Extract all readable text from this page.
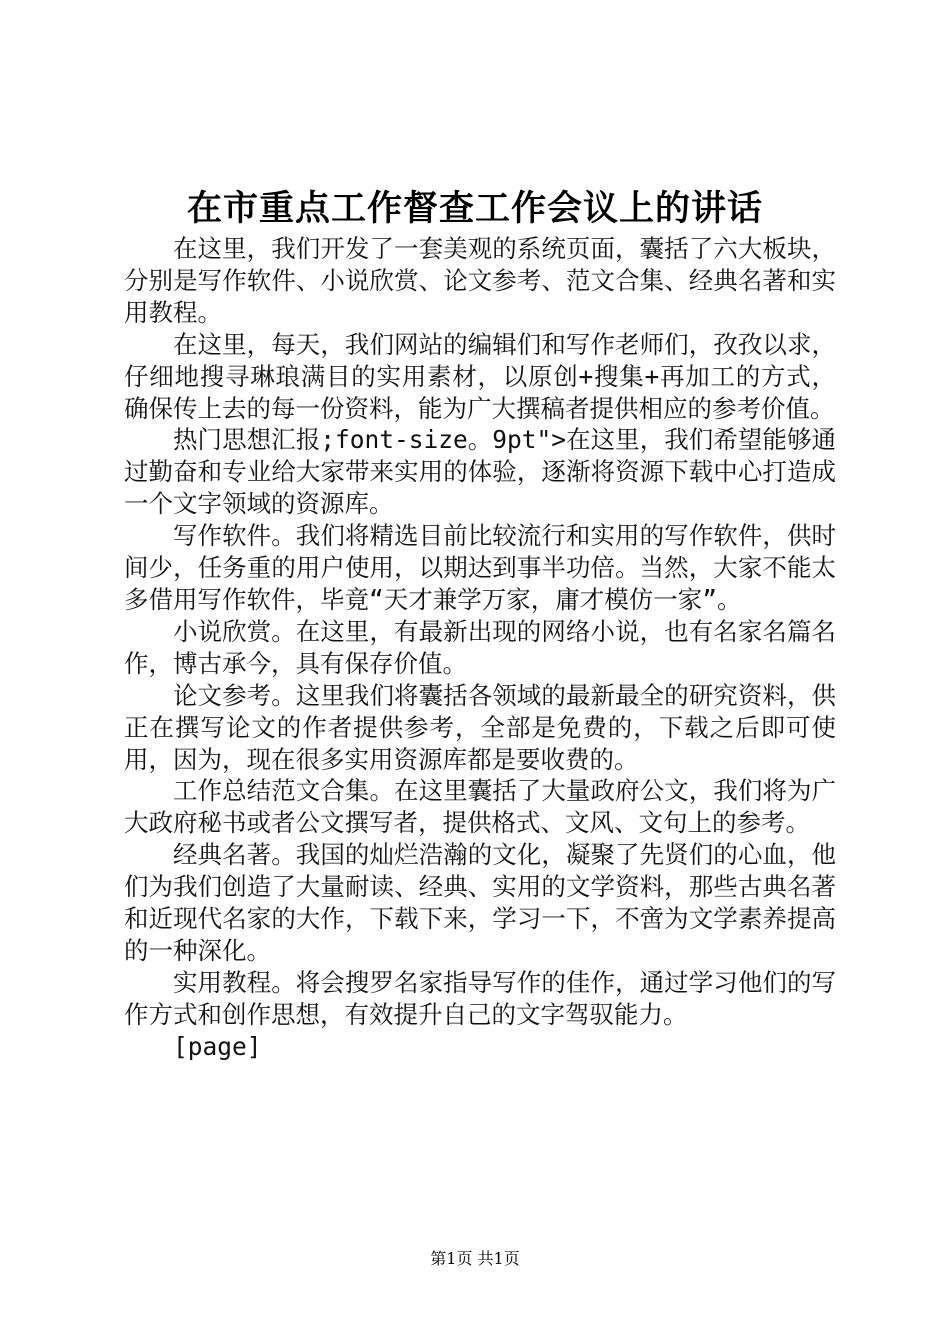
在市重点工作督查工作会议上的讲话

在这里，我们开发了一套美观的系统页面，囊括了六大板块，分别是写作软件、小说欣赏、论文参考、范文合集、经典名著和实用教程。

在这里，每天，我们网站的编辑们和写作老师们，孜孜以求，仔细地搜寻琳琅满目的实用素材，以原创+搜集+再加工的方式，确保传上去的每一份资料，能为广大撰稿者提供相应的参考价值。

热门思想汇报;font-size。9pt">在这里，我们希望能够通过勤奋和专业给大家带来实用的体验，逐渐将资源下载中心打造成一个文字领域的资源库。

写作软件。我们将精选目前比较流行和实用的写作软件，供时间少，任务重的用户使用，以期达到事半功倍。当然，大家不能太多借用写作软件，毕竟“天才兼学万家，庸才模仿一家”。

小说欣赏。在这里，有最新出现的网络小说，也有名家名篇名作，博古承今，具有保存价值。

论文参考。这里我们将囊括各领域的最新最全的研究资料，供正在撰写论文的作者提供参考，全部是免费的，下载之后即可使用，因为，现在很多实用资源库都是要收费的。

工作总结范文合集。在这里囊括了大量政府公文，我们将为广大政府秘书或者公文撰写者，提供格式、文风、文句上的参考。

经典名著。我国的灿烂浩瀚的文化，凝聚了先贤们的心血，他们为我们创造了大量耐读、经典、实用的文学资料，那些古典名著和近现代名家的大作，下载下来，学习一下，不啻为文学素养提高的一种深化。

实用教程。将会搜罗名家指导写作的佳作，通过学习他们的写作方式和创作思想，有效提升自己的文字驾驭能力。

[page]

第1页 共1页
